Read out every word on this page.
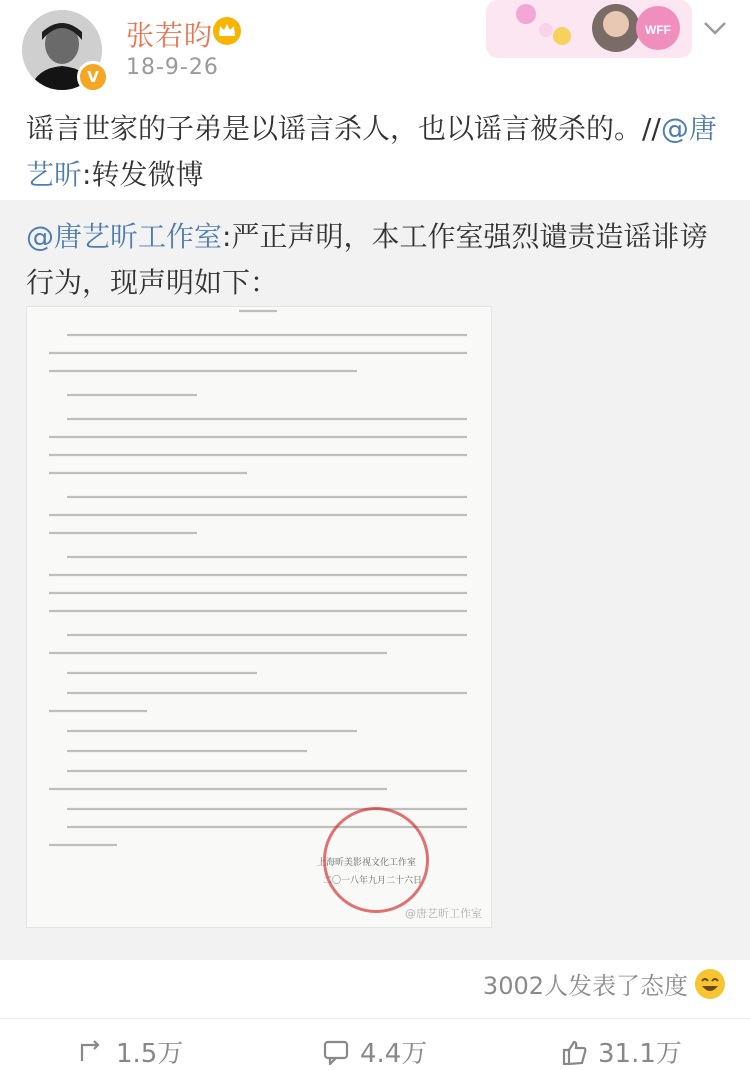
V
张若昀
18-9-26
WFF
谣言世家的子弟是以谣言杀人，也以谣言被杀的。//@唐艺昕:转发微博
@唐艺昕工作室:严正声明，本工作室强烈谴责造谣诽谤行为，现声明如下：
上海昕美影视文化工作室
二〇一八年九月二十六日
@唐艺昕工作室
3002人发表了态度
1.5万	4.4万	31.1万
